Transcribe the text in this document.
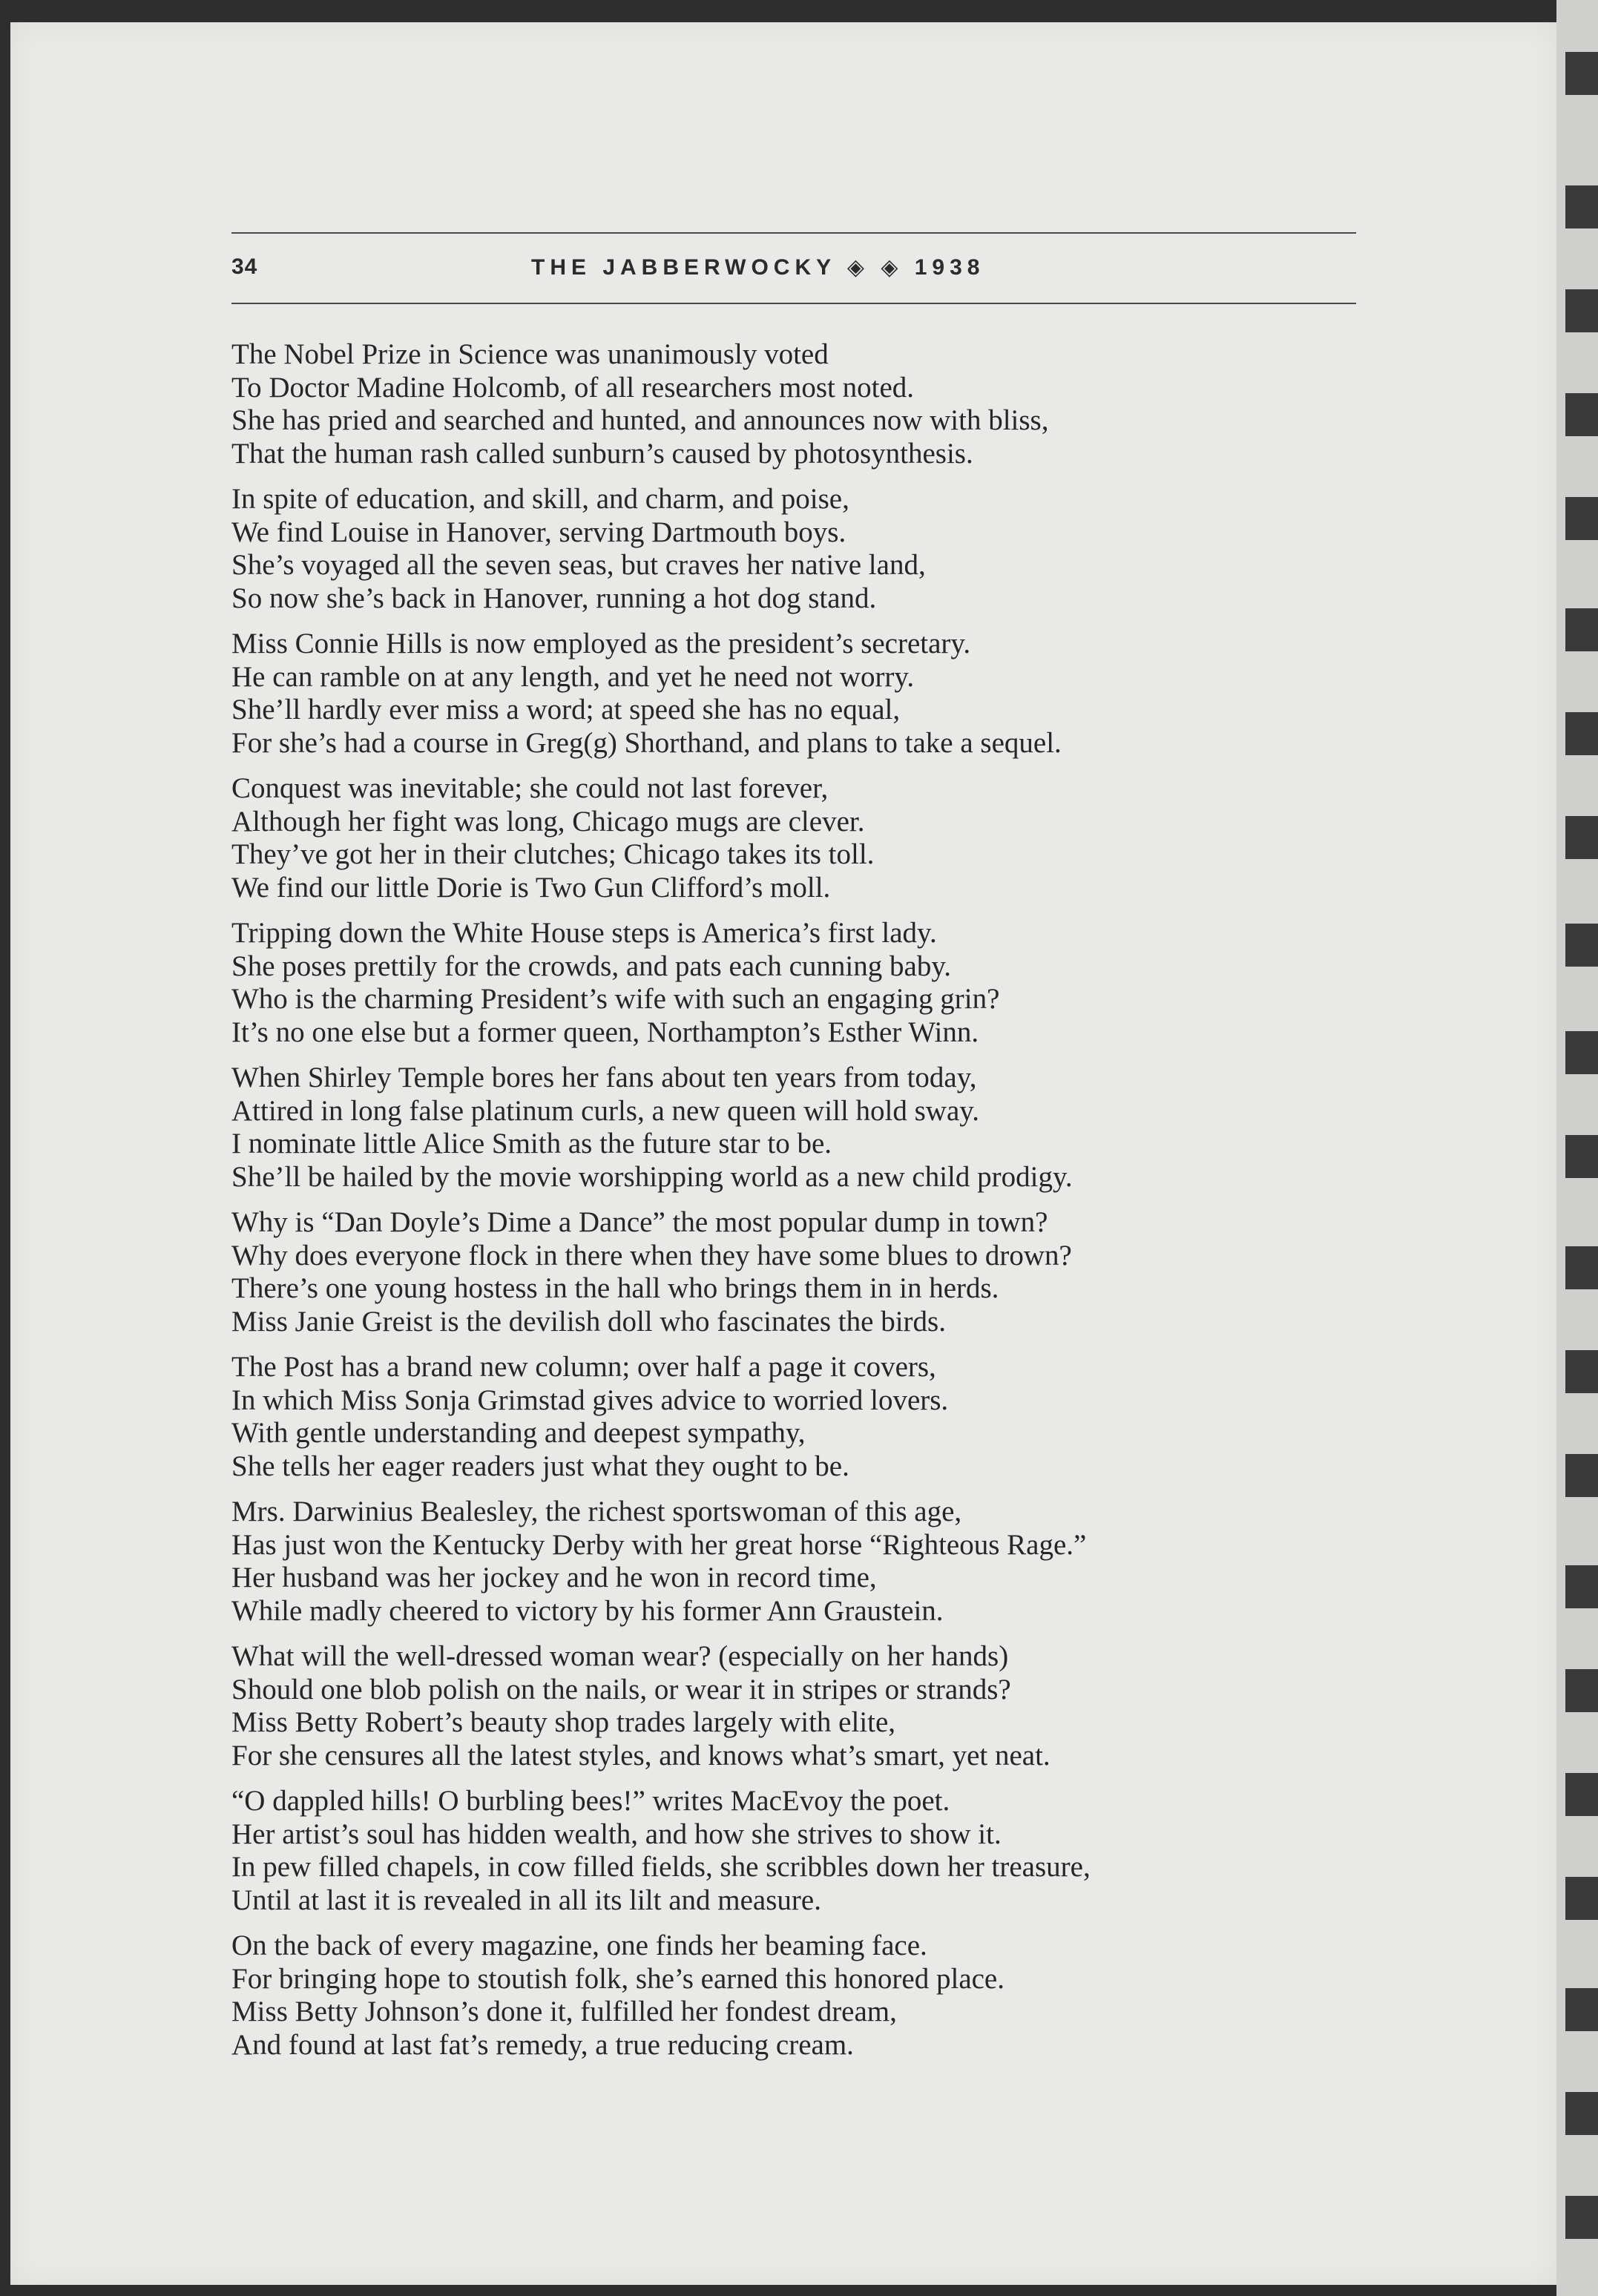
34	THE JABBERWOCKY ◈ ◈ 1938
The Nobel Prize in Science was unanimously voted
To Doctor Madine Holcomb, of all researchers most noted.
She has pried and searched and hunted, and announces now with bliss,
That the human rash called sunburn’s caused by photosynthesis.
In spite of education, and skill, and charm, and poise,
We find Louise in Hanover, serving Dartmouth boys.
She’s voyaged all the seven seas, but craves her native land,
So now she’s back in Hanover, running a hot dog stand.
Miss Connie Hills is now employed as the president’s secretary.
He can ramble on at any length, and yet he need not worry.
She’ll hardly ever miss a word; at speed she has no equal,
For she’s had a course in Greg(g) Shorthand, and plans to take a sequel.
Conquest was inevitable; she could not last forever,
Although her fight was long, Chicago mugs are clever.
They’ve got her in their clutches; Chicago takes its toll.
We find our little Dorie is Two Gun Clifford’s moll.
Tripping down the White House steps is America’s first lady.
She poses prettily for the crowds, and pats each cunning baby.
Who is the charming President’s wife with such an engaging grin?
It’s no one else but a former queen, Northampton’s Esther Winn.
When Shirley Temple bores her fans about ten years from today,
Attired in long false platinum curls, a new queen will hold sway.
I nominate little Alice Smith as the future star to be.
She’ll be hailed by the movie worshipping world as a new child prodigy.
Why is “Dan Doyle’s Dime a Dance” the most popular dump in town?
Why does everyone flock in there when they have some blues to drown?
There’s one young hostess in the hall who brings them in in herds.
Miss Janie Greist is the devilish doll who fascinates the birds.
The Post has a brand new column; over half a page it covers,
In which Miss Sonja Grimstad gives advice to worried lovers.
With gentle understanding and deepest sympathy,
She tells her eager readers just what they ought to be.
Mrs. Darwinius Bealesley, the richest sportswoman of this age,
Has just won the Kentucky Derby with her great horse “Righteous Rage.”
Her husband was her jockey and he won in record time,
While madly cheered to victory by his former Ann Graustein.
What will the well-dressed woman wear? (especially on her hands)
Should one blob polish on the nails, or wear it in stripes or strands?
Miss Betty Robert’s beauty shop trades largely with elite,
For she censures all the latest styles, and knows what’s smart, yet neat.
“O dappled hills! O burbling bees!” writes MacEvoy the poet.
Her artist’s soul has hidden wealth, and how she strives to show it.
In pew filled chapels, in cow filled fields, she scribbles down her treasure,
Until at last it is revealed in all its lilt and measure.
On the back of every magazine, one finds her beaming face.
For bringing hope to stoutish folk, she’s earned this honored place.
Miss Betty Johnson’s done it, fulfilled her fondest dream,
And found at last fat’s remedy, a true reducing cream.
